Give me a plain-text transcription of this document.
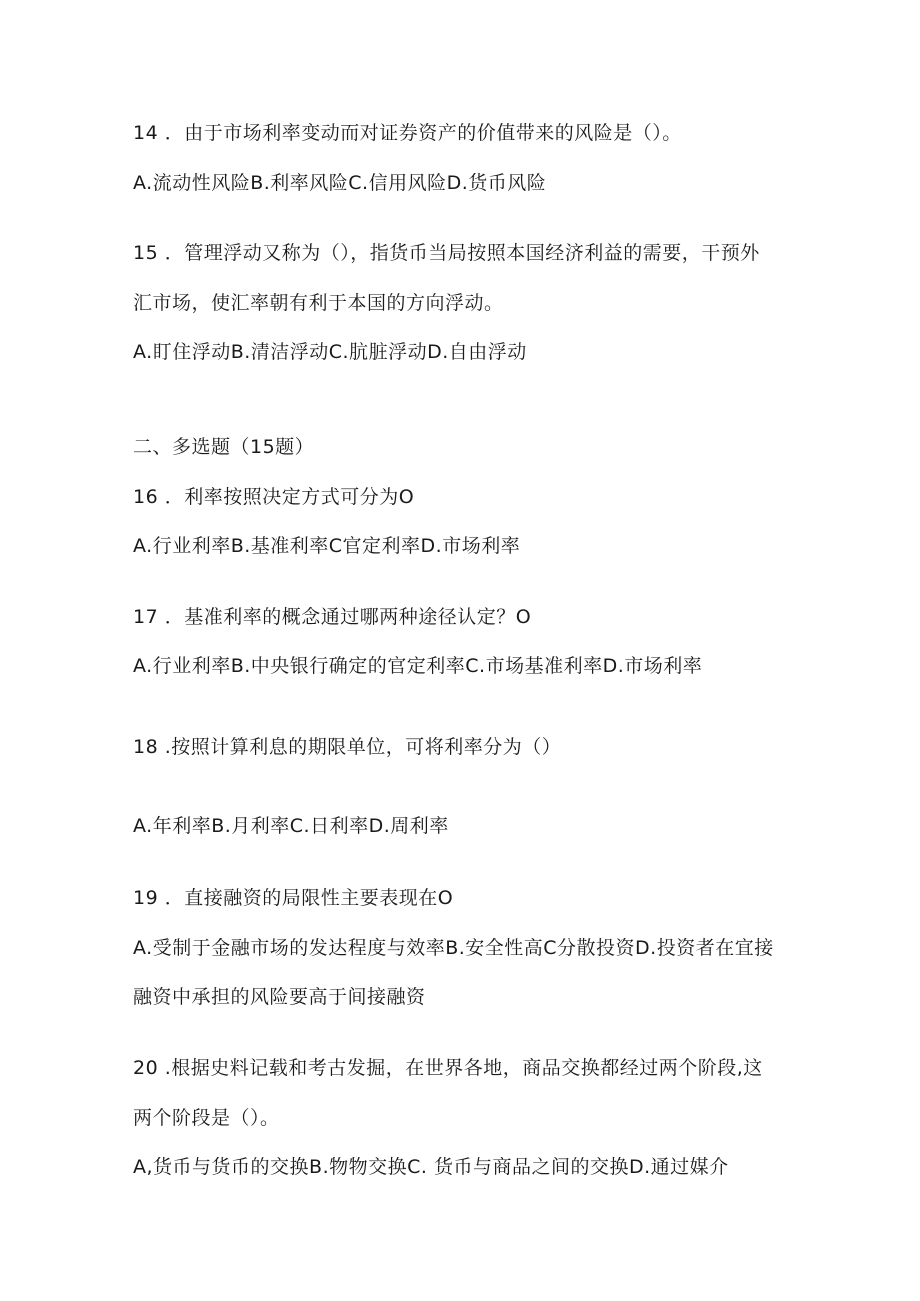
14 ．由于市场利率变动而对证券资产的价值带来的风险是（）。
A.流动性风险B.利率风险C.信用风险D.货币风险
15 ．管理浮动又称为（），指货币当局按照本国经济利益的需要，干预外
汇市场，使汇率朝有利于本国的方向浮动。
A.盯住浮动B.清洁浮动C.肮脏浮动D.自由浮动
二、多选题（15题）
16 ．利率按照决定方式可分为O
A.行业利率B.基准利率C官定利率D.市场利率
17 ．基准利率的概念通过哪两种途径认定？O
A.行业利率B.中央银行确定的官定利率C.市场基准利率D.市场利率
18 .按照计算利息的期限单位，可将利率分为（）
A.年利率B.月利率C.日利率D.周利率
19 ．直接融资的局限性主要表现在O
A.受制于金融市场的发达程度与效率B.安全性高C分散投资D.投资者在宜接
融资中承担的风险要高于间接融资
20 .根据史料记载和考古发掘，在世界各地，商品交换都经过两个阶段,这
两个阶段是（）。
A,货币与货币的交换B.物物交换C. 货币与商品之间的交换D.通过媒介
